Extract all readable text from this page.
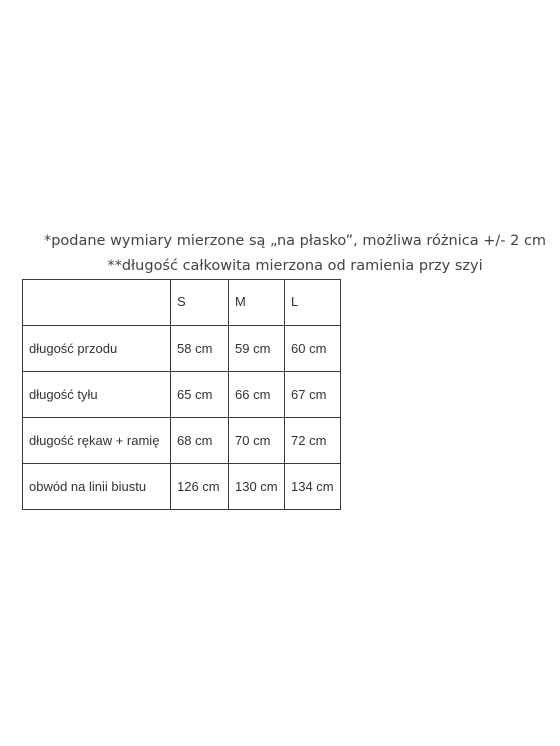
*podane wymiary mierzone są „na płasko”, możliwa różnica +/- 2 cm
**długość całkowita mierzona od ramienia przy szyi
	S	M	L
długość przodu	58 cm	59 cm	60 cm
długość tyłu	65 cm	66 cm	67 cm
długość rękaw + ramię	68 cm	70 cm	72 cm
obwód na linii biustu	126 cm	130 cm	134 cm
